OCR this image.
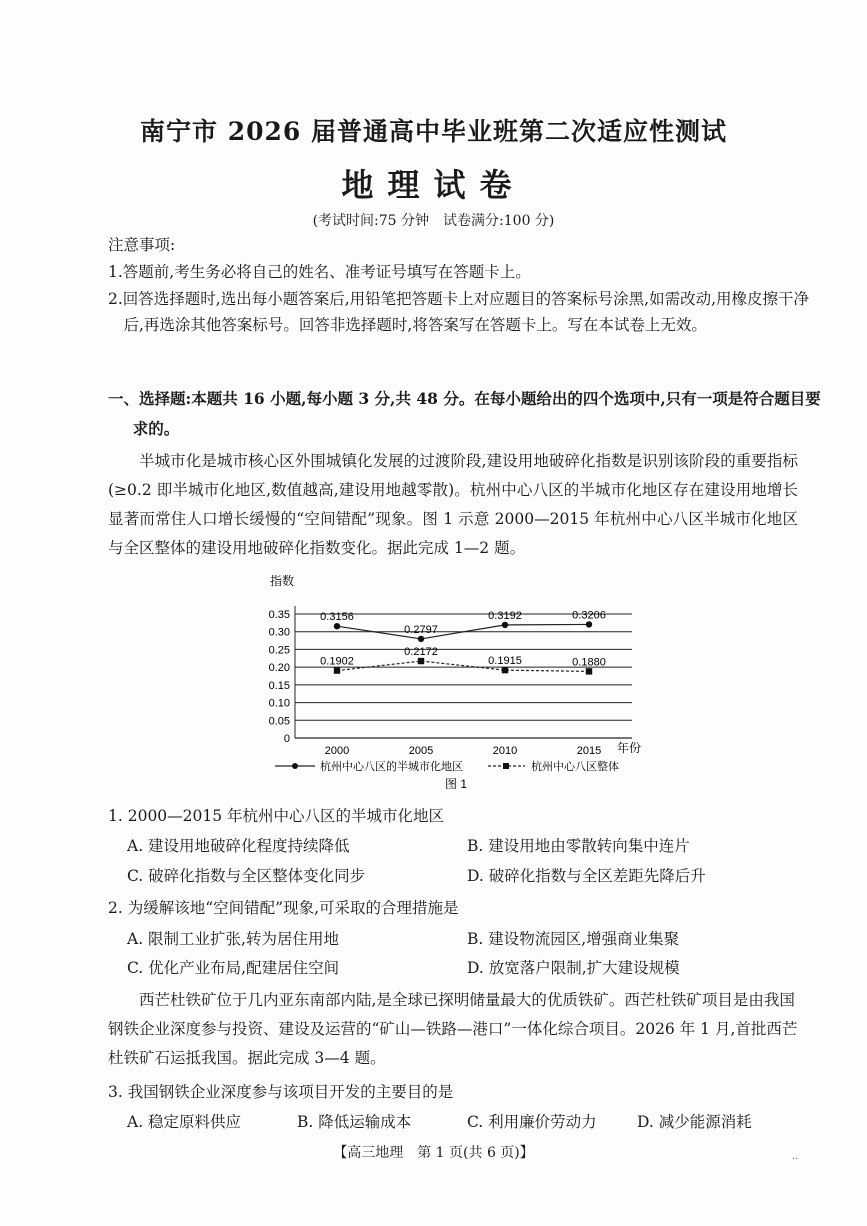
南宁市 2026 届普通高中毕业班第二次适应性测试
地理试卷
(考试时间:75 分钟　试卷满分:100 分)
注意事项:
1.答题前,考生务必将自己的姓名、准考证号填写在答题卡上。
2.回答选择题时,选出每小题答案后,用铅笔把答题卡上对应题目的答案标号涂黑,如需改动,用橡皮擦干净后,再选涂其他答案标号。回答非选择题时,将答案写在答题卡上。写在本试卷上无效。
一、选择题:本题共 16 小题,每小题 3 分,共 48 分。在每小题给出的四个选项中,只有一项是符合题目要求的。
半城市化是城市核心区外围城镇化发展的过渡阶段,建设用地破碎化指数是识别该阶段的重要指标(≥0.2 即半城市化地区,数值越高,建设用地越零散)。杭州中心八区的半城市化地区存在建设用地增长显著而常住人口增长缓慢的“空间错配”现象。图 1 示意 2000—2015 年杭州中心八区半城市化地区与全区整体的建设用地破碎化指数变化。据此完成 1—2 题。
0.35
0.30
0.25
0.20
0.15
0.10
0.05
0
2000	2005	2010	2015
0.3156
0.2797
0.3192	0.3206
0.1902
0.2172
0.1915	0.1880
杭州中心八区的半城市化地区	杭州中心八区整体
指数
年份
图 1
1. 2000—2015 年杭州中心八区的半城市化地区
A. 建设用地破碎化程度持续降低	B. 建设用地由零散转向集中连片
C. 破碎化指数与全区整体变化同步	D. 破碎化指数与全区差距先降后升
2. 为缓解该地“空间错配”现象,可采取的合理措施是
A. 限制工业扩张,转为居住用地	B. 建设物流园区,增强商业集聚
C. 优化产业布局,配建居住空间	D. 放宽落户限制,扩大建设规模
西芒杜铁矿位于几内亚东南部内陆,是全球已探明储量最大的优质铁矿。西芒杜铁矿项目是由我国钢铁企业深度参与投资、建设及运营的“矿山—铁路—港口”一体化综合项目。2026 年 1 月,首批西芒杜铁矿石运抵我国。据此完成 3—4 题。
3. 我国钢铁企业深度参与该项目开发的主要目的是
A. 稳定原料供应	B. 降低运输成本	C. 利用廉价劳动力	D. 减少能源消耗
【高三地理　第 1 页(共 6 页)】	··
